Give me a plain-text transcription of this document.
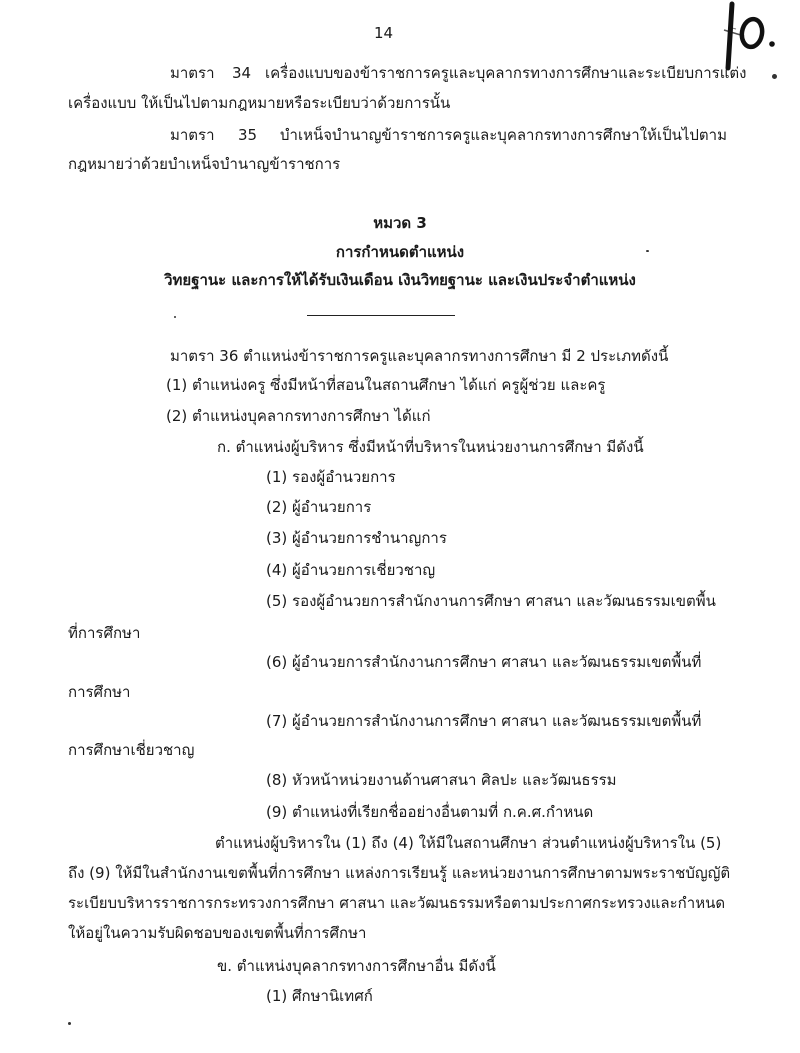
14
มาตรา 34 เครื่องแบบของข้าราชการครูและบุคลากรทางการศึกษาและระเบียบการแต่ง
เครื่องแบบ ให้เป็นไปตามกฎหมายหรือระเบียบว่าด้วยการนั้น
มาตรา 35 บำเหน็จบำนาญข้าราชการครูและบุคลากรทางการศึกษาให้เป็นไปตาม
กฎหมายว่าด้วยบำเหน็จบำนาญข้าราชการ
หมวด 3
การกำหนดตำแหน่ง
วิทยฐานะ และการให้ได้รับเงินเดือน เงินวิทยฐานะ และเงินประจำตำแหน่ง
มาตรา 36 ตำแหน่งข้าราชการครูและบุคลากรทางการศึกษา มี 2 ประเภทดังนี้
(1) ตำแหน่งครู ซึ่งมีหน้าที่สอนในสถานศึกษา ได้แก่ ครูผู้ช่วย และครู
(2) ตำแหน่งบุคลากรทางการศึกษา ได้แก่
ก. ตำแหน่งผู้บริหาร ซึ่งมีหน้าที่บริหารในหน่วยงานการศึกษา มีดังนี้
(1) รองผู้อำนวยการ
(2) ผู้อำนวยการ
(3) ผู้อำนวยการชำนาญการ
(4) ผู้อำนวยการเชี่ยวชาญ
(5) รองผู้อำนวยการสำนักงานการศึกษา ศาสนา และวัฒนธรรมเขตพื้น
ที่การศึกษา
(6) ผู้อำนวยการสำนักงานการศึกษา ศาสนา และวัฒนธรรมเขตพื้นที่
การศึกษา
(7) ผู้อำนวยการสำนักงานการศึกษา ศาสนา และวัฒนธรรมเขตพื้นที่
การศึกษาเชี่ยวชาญ
(8) หัวหน้าหน่วยงานด้านศาสนา ศิลปะ และวัฒนธรรม
(9) ตำแหน่งที่เรียกชื่ออย่างอื่นตามที่ ก.ค.ศ.กำหนด
ตำแหน่งผู้บริหารใน (1) ถึง (4) ให้มีในสถานศึกษา ส่วนตำแหน่งผู้บริหารใน (5)
ถึง (9) ให้มีในสำนักงานเขตพื้นที่การศึกษา แหล่งการเรียนรู้ และหน่วยงานการศึกษาตามพระราชบัญญัติ
ระเบียบบริหารราชการกระทรวงการศึกษา ศาสนา และวัฒนธรรมหรือตามประกาศกระทรวงและกำหนด
ให้อยู่ในความรับผิดชอบของเขตพื้นที่การศึกษา
ข. ตำแหน่งบุคลากรทางการศึกษาอื่น มีดังนี้
(1) ศึกษานิเทศก์
